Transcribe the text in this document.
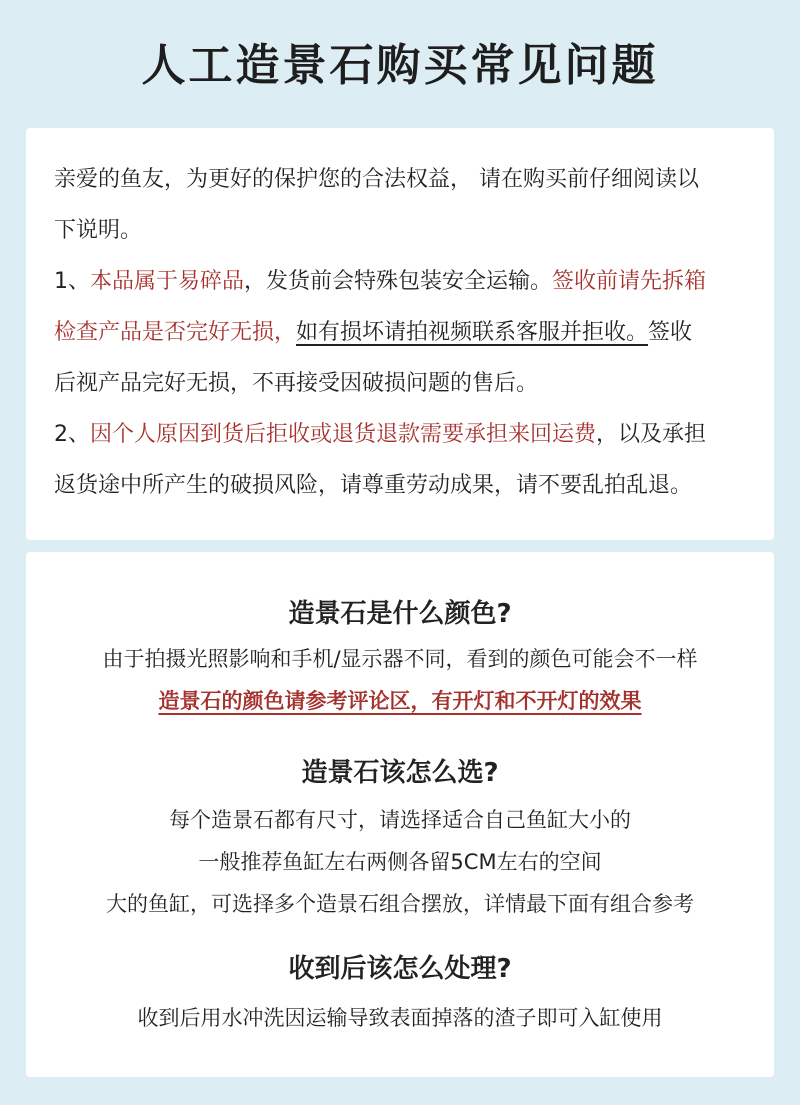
人工造景石购买常见问题
亲爱的鱼友，为更好的保护您的合法权益， 请在购买前仔细阅读以
下说明。
1、本品属于易碎品，发货前会特殊包装安全运输。签收前请先拆箱
检查产品是否完好无损，如有损坏请拍视频联系客服并拒收。签收
后视产品完好无损，不再接受因破损问题的售后。
2、因个人原因到货后拒收或退货退款需要承担来回运费，以及承担
返货途中所产生的破损风险，请尊重劳动成果，请不要乱拍乱退。
造景石是什么颜色?
由于拍摄光照影响和手机/显示器不同，看到的颜色可能会不一样
造景石的颜色请参考评论区，有开灯和不开灯的效果
造景石该怎么选?
每个造景石都有尺寸，请选择适合自己鱼缸大小的
一般推荐鱼缸左右两侧各留5CM左右的空间
大的鱼缸，可选择多个造景石组合摆放，详情最下面有组合参考
收到后该怎么处理?
收到后用水冲洗因运输导致表面掉落的渣子即可入缸使用
